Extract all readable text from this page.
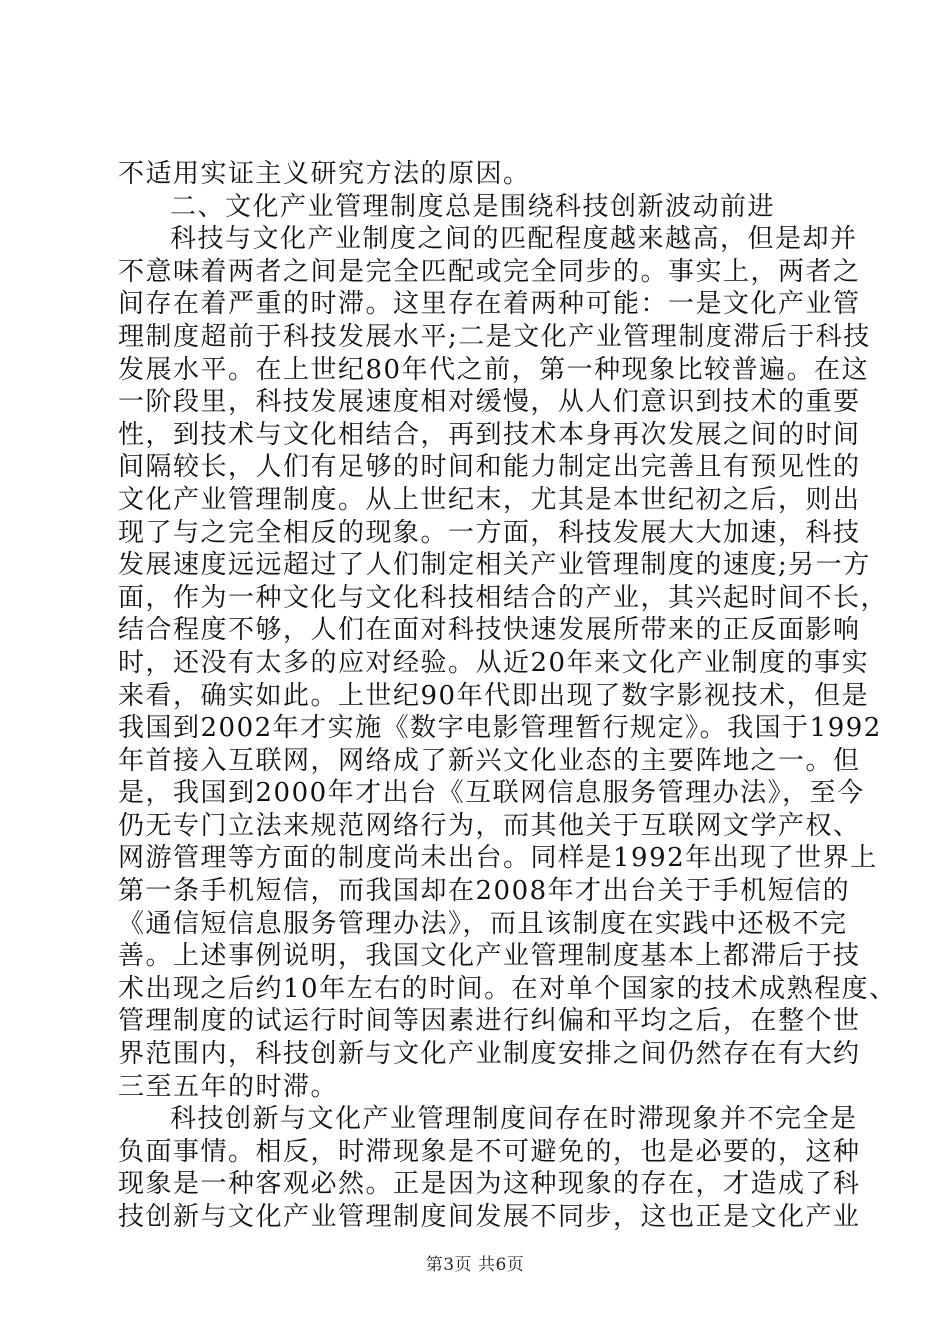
不适用实证主义研究方法的原因。

二、文化产业管理制度总是围绕科技创新波动前进

科技与文化产业制度之间的匹配程度越来越高，但是却并
不意味着两者之间是完全匹配或完全同步的。事实上，两者之
间存在着严重的时滞。这里存在着两种可能：一是文化产业管
理制度超前于科技发展水平;二是文化产业管理制度滞后于科技
发展水平。在上世纪80年代之前，第一种现象比较普遍。在这
一阶段里，科技发展速度相对缓慢，从人们意识到技术的重要
性，到技术与文化相结合，再到技术本身再次发展之间的时间
间隔较长，人们有足够的时间和能力制定出完善且有预见性的
文化产业管理制度。从上世纪末，尤其是本世纪初之后，则出
现了与之完全相反的现象。一方面，科技发展大大加速，科技
发展速度远远超过了人们制定相关产业管理制度的速度;另一方
面，作为一种文化与文化科技相结合的产业，其兴起时间不长，
结合程度不够，人们在面对科技快速发展所带来的正反面影响
时，还没有太多的应对经验。从近20年来文化产业制度的事实
来看，确实如此。上世纪90年代即出现了数字影视技术，但是
我国到2002年才实施《数字电影管理暂行规定》。我国于1992
年首接入互联网，网络成了新兴文化业态的主要阵地之一。但
是，我国到2000年才出台《互联网信息服务管理办法》，至今
仍无专门立法来规范网络行为，而其他关于互联网文学产权、
网游管理等方面的制度尚未出台。同样是1992年出现了世界上
第一条手机短信，而我国却在2008年才出台关于手机短信的
《通信短信息服务管理办法》，而且该制度在实践中还极不完
善。上述事例说明，我国文化产业管理制度基本上都滞后于技
术出现之后约10年左右的时间。在对单个国家的技术成熟程度、
管理制度的试运行时间等因素进行纠偏和平均之后，在整个世
界范围内，科技创新与文化产业制度安排之间仍然存在有大约
三至五年的时滞。

科技创新与文化产业管理制度间存在时滞现象并不完全是
负面事情。相反，时滞现象是不可避免的，也是必要的，这种
现象是一种客观必然。正是因为这种现象的存在，才造成了科
技创新与文化产业管理制度间发展不同步，这也正是文化产业

第3页 共6页
